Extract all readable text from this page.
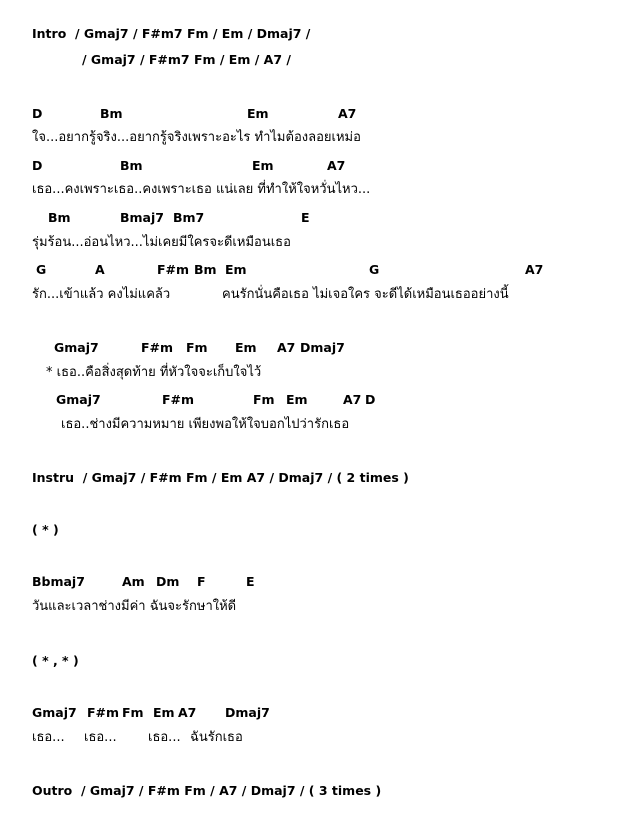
Intro  / Gmaj7 / F#m7 Fm / Em / Dmaj7 /
/ Gmaj7 / F#m7 Fm / Em / A7 /
D	Bm	Em	A7
ใจ...อยากรู้จริง...อยากรู้จริงเพราะอะไร ทำไมต้องลอยเหม่อ
D	Bm	Em	A7
เธอ...คงเพราะเธอ..คงเพราะเธอ แน่เลย ที่ทำให้ใจหวั่นไหว...
Bm	Bmaj7 Bm7	E
รุ่มร้อน...อ่อนไหว...ไม่เคยมีใครจะดีเหมือนเธอ
G	A	F#m Bm Em	G	A7
รัก...เข้าแล้ว คงไม่แคล้ว	คนรักนั่นคือเธอ ไม่เจอใคร จะดีได้เหมือนเธออย่างนี้
Gmaj7	F#m Fm Em A7 Dmaj7
* เธอ..คือสิ่งสุดท้าย ที่หัวใจจะเก็บใจไว้
Gmaj7	F#m	Fm Em	A7 D
เธอ..ช่างมีความหมาย เพียงพอให้ใจบอกไปว่ารักเธอ
Instru  / Gmaj7 / F#m Fm / Em A7 / Dmaj7 / ( 2 times )
( * )
Bbmaj7	Am Dm F	E
วันและเวลาช่างมีค่า ฉันจะรักษาให้ดี
( * , * )
Gmaj7 F#m Fm Em A7 Dmaj7
เธอ... เธอ... เธอ... ฉันรักเธอ
Outro  / Gmaj7 / F#m Fm / A7 / Dmaj7 / ( 3 times )
